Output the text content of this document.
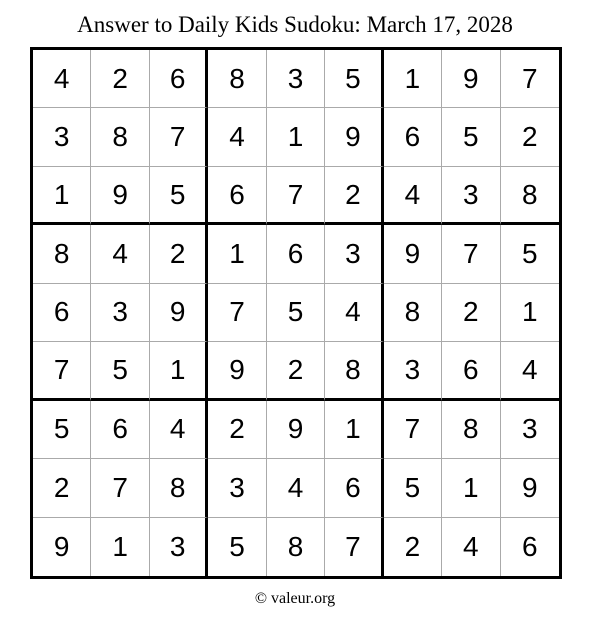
Answer to Daily Kids Sudoku: March 17, 2028
4	2	6	8	3	5	1	9	7
3	8	7	4	1	9	6	5	2
1	9	5	6	7	2	4	3	8
8	4	2	1	6	3	9	7	5
6	3	9	7	5	4	8	2	1
7	5	1	9	2	8	3	6	4
5	6	4	2	9	1	7	8	3
2	7	8	3	4	6	5	1	9
9	1	3	5	8	7	2	4	6
© valeur.org
